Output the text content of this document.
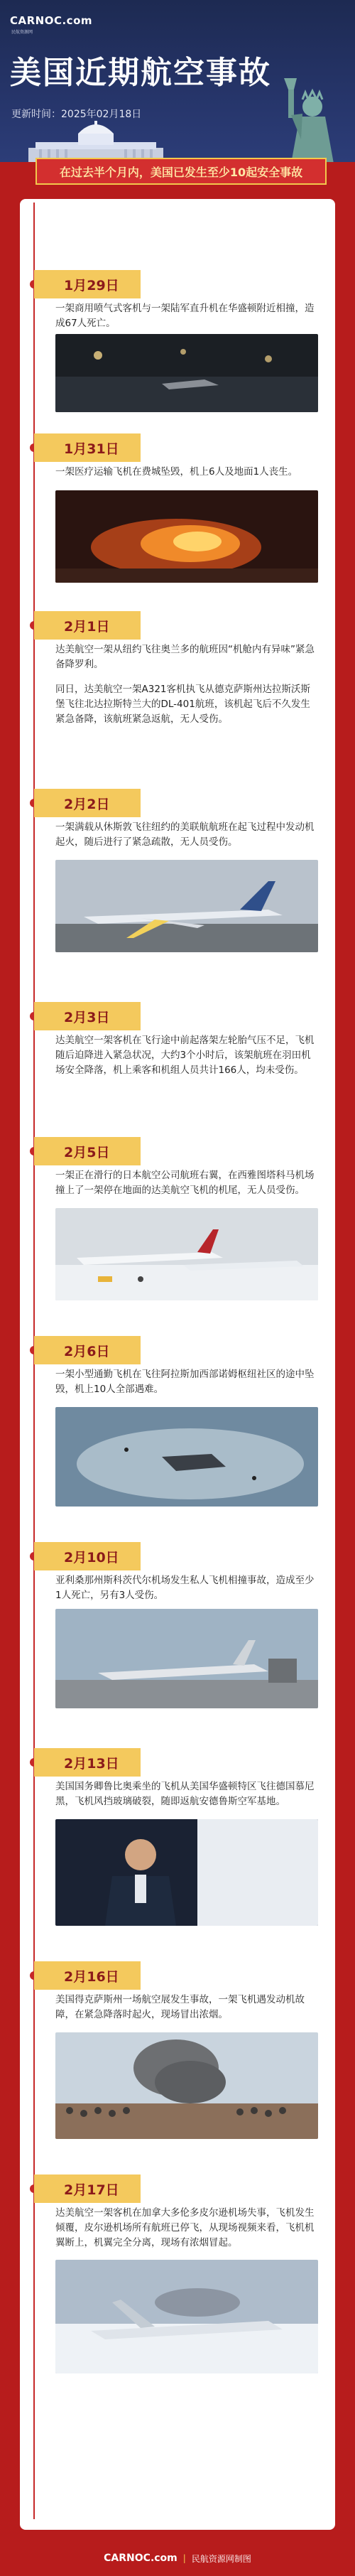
CARNOC.com
民航资源网
美国近期航空事故
更新时间：2025年02月18日
在过去半个月内，美国已发生至少10起安全事故
1月29日
一架商用喷气式客机与一架陆军直升机在华盛顿附近相撞，造成67人死亡。
1月31日
一架医疗运输飞机在费城坠毁，机上6人及地面1人丧生。
2月1日
达美航空一架从纽约飞往奥兰多的航班因“机舱内有异味”紧急备降罗利。
同日，达美航空一架A321客机执飞从德克萨斯州达拉斯沃斯堡飞往北达拉斯特兰大的DL-401航班，该机起飞后不久发生紧急备降，该航班紧急返航，无人受伤。
2月2日
一架满载从休斯敦飞往纽约的美联航航班在起飞过程中发动机起火，随后进行了紧急疏散，无人员受伤。
2月3日
达美航空一架客机在飞行途中前起落架左轮胎气压不足，飞机随后迫降进入紧急状况，大约3个小时后，该架航班在羽田机场安全降落，机上乘客和机组人员共计166人，均未受伤。
2月5日
一架正在滑行的日本航空公司航班右翼，在西雅图塔科马机场撞上了一架停在地面的达美航空飞机的机尾，无人员受伤。
2月6日
一架小型通勤飞机在飞往阿拉斯加西部诺姆枢纽社区的途中坠毁，机上10人全部遇难。
2月10日
亚利桑那州斯科茨代尔机场发生私人飞机相撞事故，造成至少1人死亡，另有3人受伤。
2月13日
美国国务卿鲁比奥乘坐的飞机从美国华盛顿特区飞往德国慕尼黑，飞机风挡玻璃破裂，随即返航安德鲁斯空军基地。
2月16日
美国得克萨斯州一场航空展发生事故，一架飞机遇发动机故障，在紧急降落时起火，现场冒出浓烟。
2月17日
达美航空一架客机在加拿大多伦多皮尔逊机场失事，飞机发生倾覆，皮尔逊机场所有航班已停飞，从现场视频来看，飞机机翼断上，机翼完全分离，现场有浓烟冒起。
CARNOC.com | 民航资源网制图
